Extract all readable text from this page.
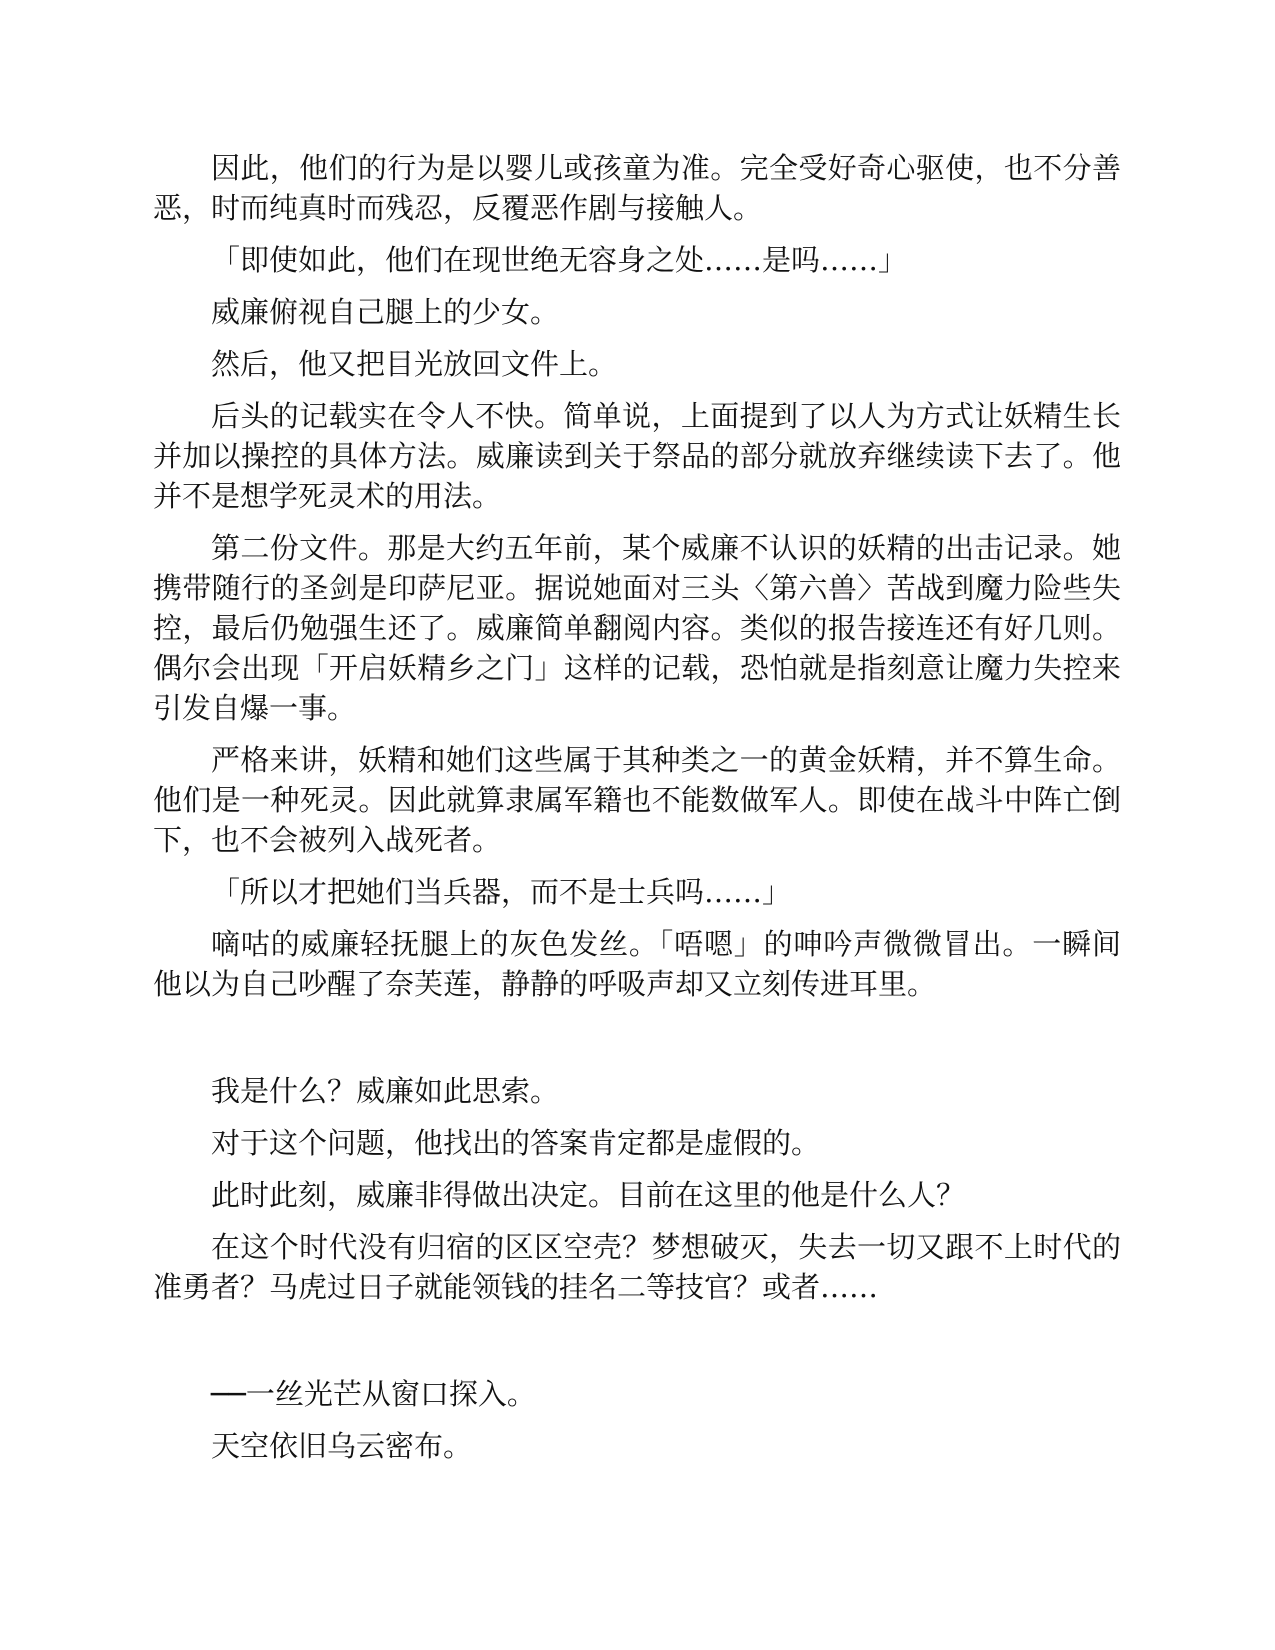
因此，他们的行为是以婴儿或孩童为准。完全受好奇心驱使，也不分善恶，时而纯真时而残忍，反覆恶作剧与接触人。

「即使如此，他们在现世绝无容身之处……是吗……」

威廉俯视自己腿上的少女。

然后，他又把目光放回文件上。

后头的记载实在令人不快。简单说，上面提到了以人为方式让妖精生长并加以操控的具体方法。威廉读到关于祭品的部分就放弃继续读下去了。他并不是想学死灵术的用法。

第二份文件。那是大约五年前，某个威廉不认识的妖精的出击记录。她携带随行的圣剑是印萨尼亚。据说她面对三头〈第六兽〉苦战到魔力险些失控，最后仍勉强生还了。威廉简单翻阅内容。类似的报告接连还有好几则。偶尔会出现「开启妖精乡之门」这样的记载，恐怕就是指刻意让魔力失控来引发自爆一事。

严格来讲，妖精和她们这些属于其种类之一的黄金妖精，并不算生命。他们是一种死灵。因此就算隶属军籍也不能数做军人。即使在战斗中阵亡倒下，也不会被列入战死者。

「所以才把她们当兵器，而不是士兵吗……」

嘀咕的威廉轻抚腿上的灰色发丝。「唔嗯」的呻吟声微微冒出。一瞬间他以为自己吵醒了奈芙莲，静静的呼吸声却又立刻传进耳里。

我是什么？威廉如此思索。

对于这个问题，他找出的答案肯定都是虚假的。

此时此刻，威廉非得做出决定。目前在这里的他是什么人？

在这个时代没有归宿的区区空壳？梦想破灭，失去一切又跟不上时代的准勇者？马虎过日子就能领钱的挂名二等技官？或者……

──一丝光芒从窗口探入。

天空依旧乌云密布。
